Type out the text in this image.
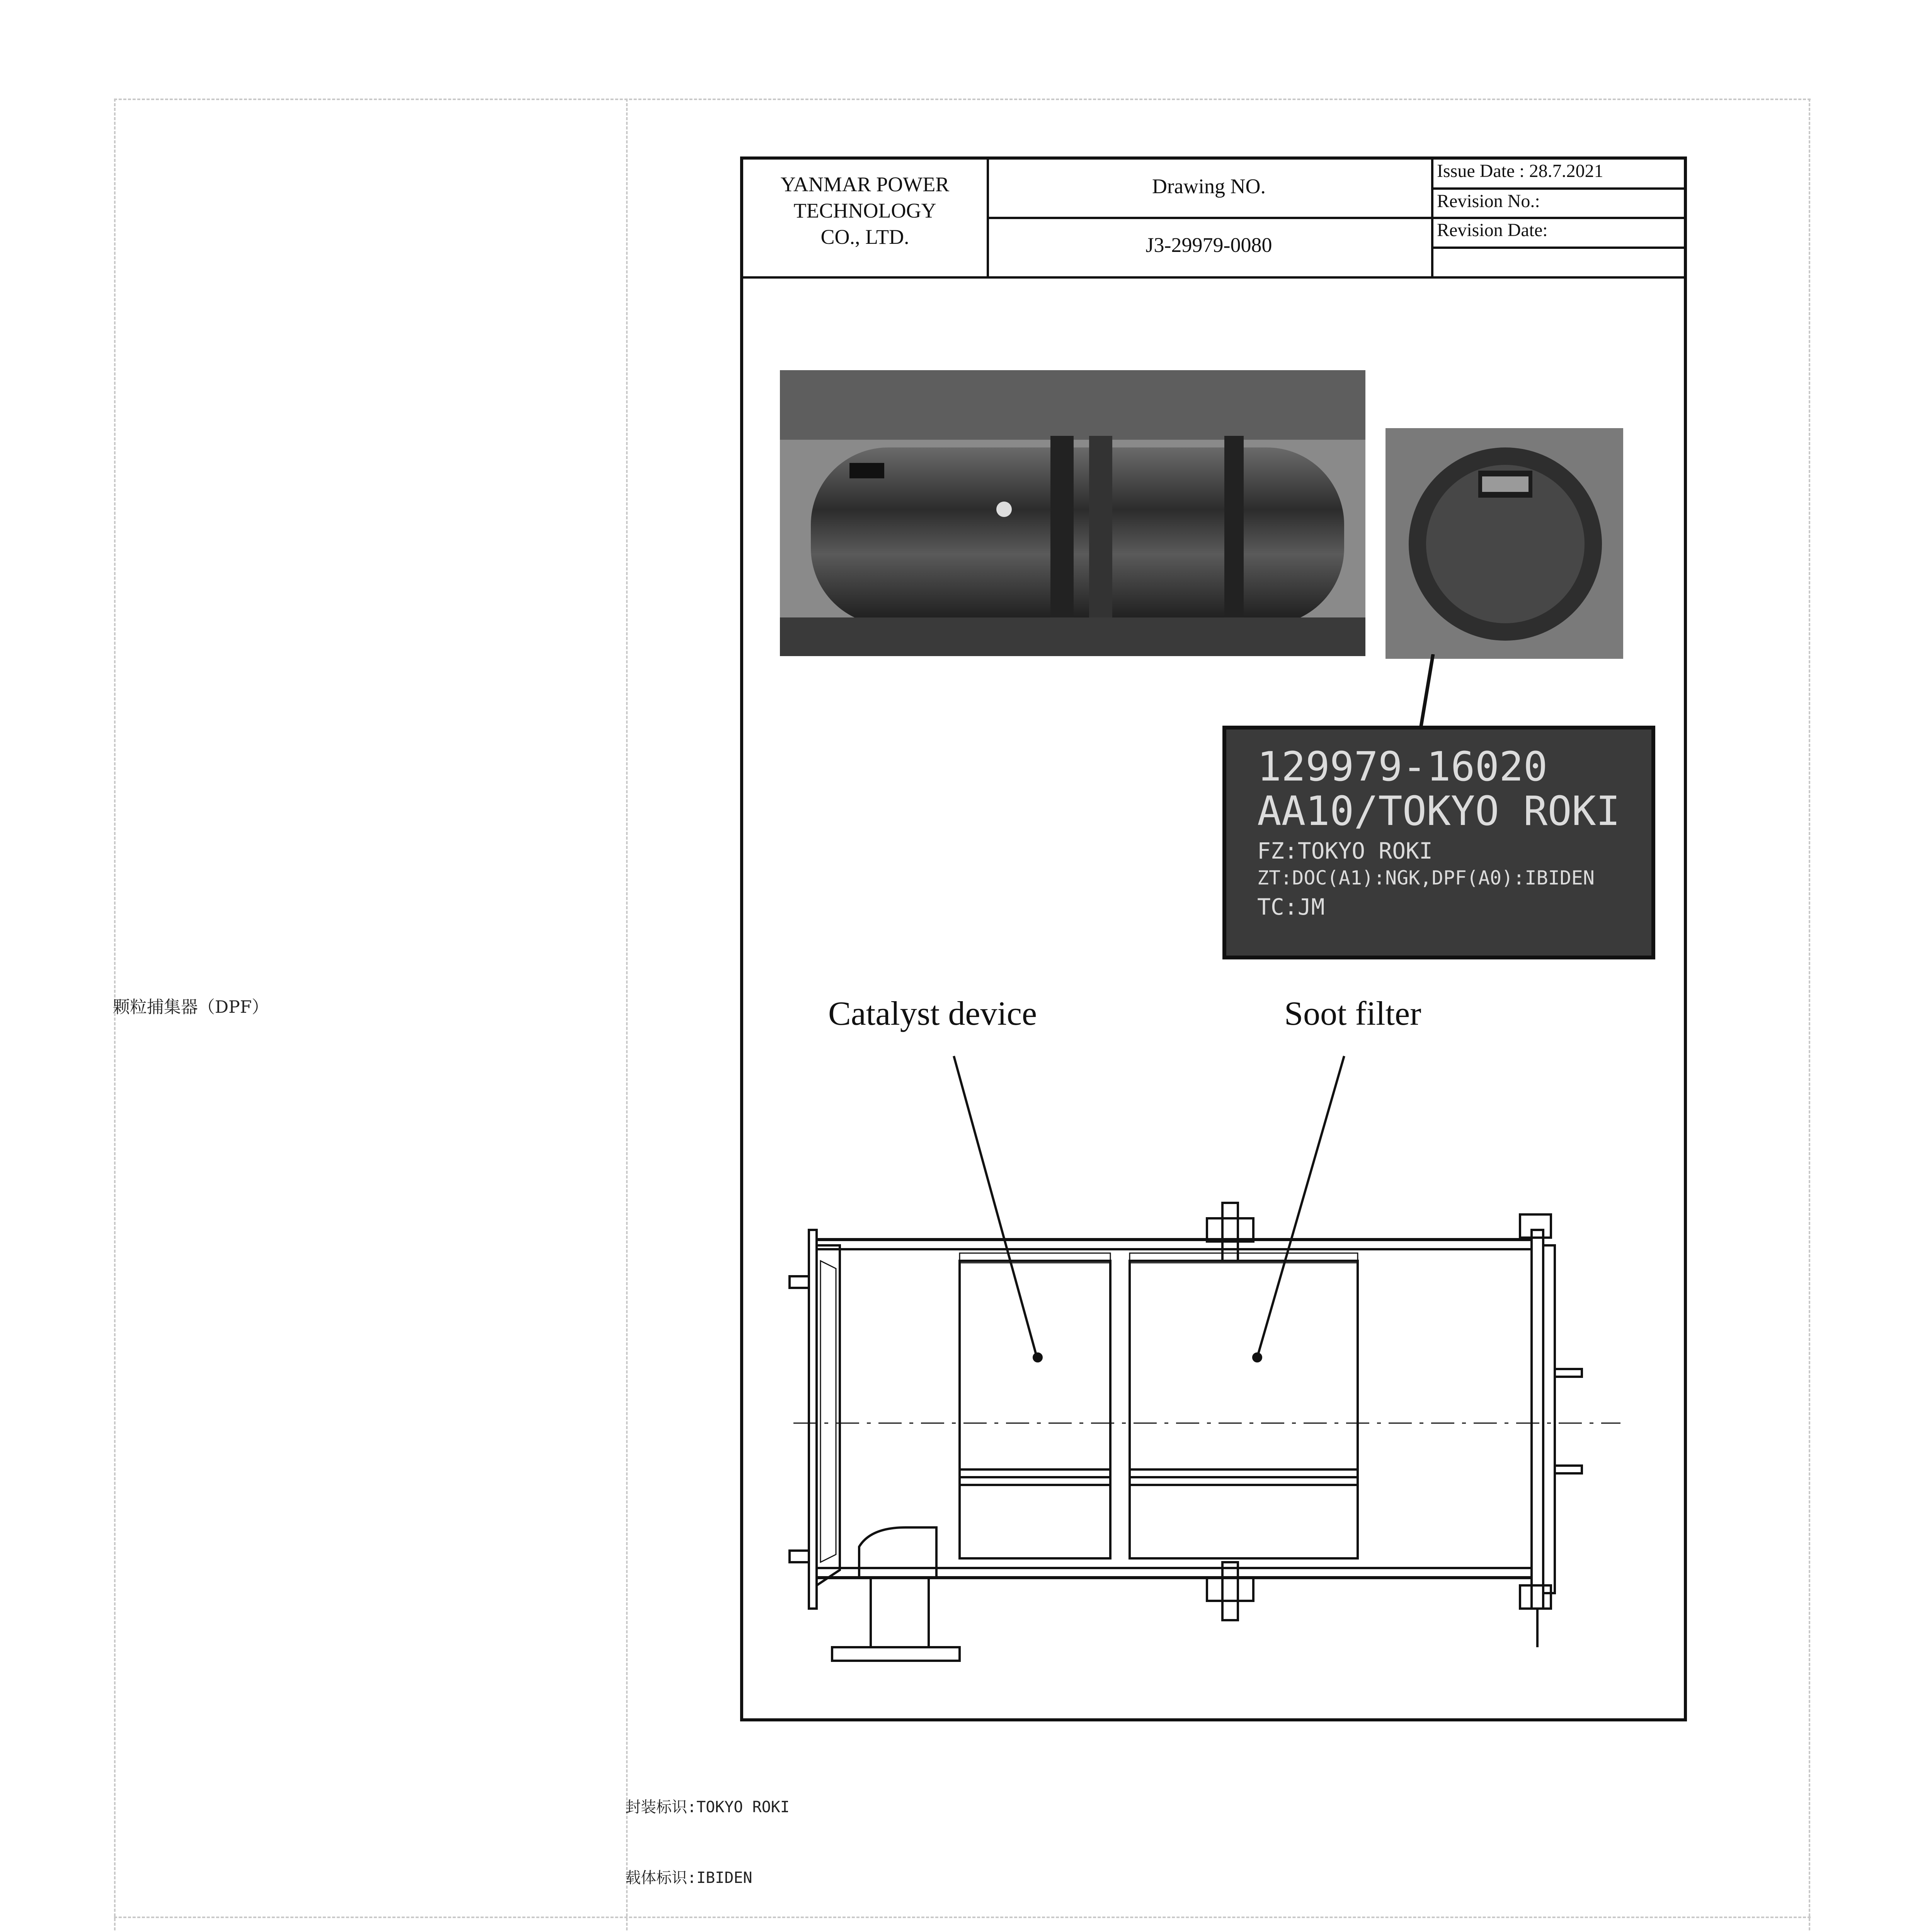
颗粒捕集器（DPF）
封装标识:TOKYO ROKI
载体标识:IBIDEN
YANMAR POWER
TECHNOLOGY
CO., LTD.
Drawing NO.
J3-29979-0080
Issue Date : 28.7.2021
Revision No.:
Revision Date:
129979-16020
AA10/TOKYO ROKI
FZ:TOKYO ROKI
ZT:DOC(A1):NGK,DPF(A0):IBIDEN
TC:JM
Catalyst device	Soot filter
